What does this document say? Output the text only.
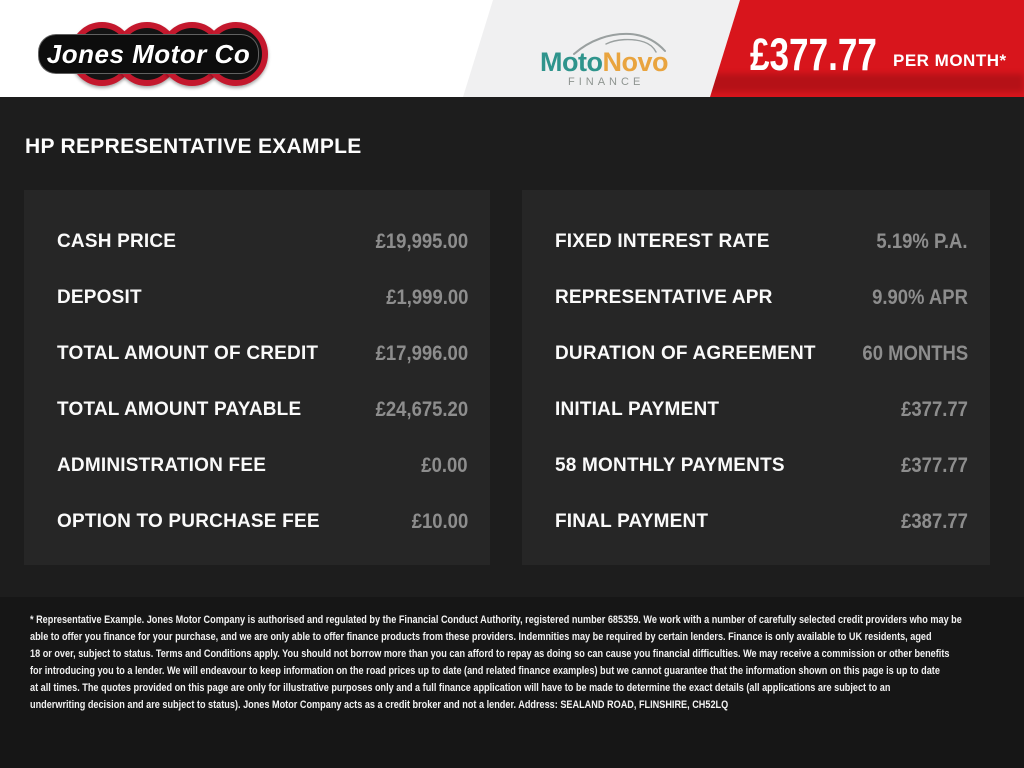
Jones Motor Co	MotoNovo
FINANCE
£377.77 PER MONTH*
HP REPRESENTATIVE EXAMPLE
CASH PRICE	£19,995.00
DEPOSIT	£1,999.00
TOTAL AMOUNT OF CREDIT	£17,996.00
TOTAL AMOUNT PAYABLE	£24,675.20
ADMINISTRATION FEE	£0.00
OPTION TO PURCHASE FEE	£10.00
FIXED INTEREST RATE	5.19% P.A.
REPRESENTATIVE APR	9.90% APR
DURATION OF AGREEMENT	60 MONTHS
INITIAL PAYMENT	£377.77
58 MONTHLY PAYMENTS	£377.77
FINAL PAYMENT	£387.77
* Representative Example. Jones Motor Company is authorised and regulated by the Financial Conduct Authority, registered number 685359. We work with a number of carefully selected credit providers who may be
able to offer you finance for your purchase, and we are only able to offer finance products from these providers. Indemnities may be required by certain lenders. Finance is only available to UK residents, aged
18 or over, subject to status. Terms and Conditions apply. You should not borrow more than you can afford to repay as doing so can cause you financial difficulties. We may receive a commission or other benefits
for introducing you to a lender. We will endeavour to keep information on the road prices up to date (and related finance examples) but we cannot guarantee that the information shown on this page is up to date
at all times. The quotes provided on this page are only for illustrative purposes only and a full finance application will have to be made to determine the exact details (all applications are subject to an
underwriting decision and are subject to status). Jones Motor Company acts as a credit broker and not a lender. Address: SEALAND ROAD, FLINSHIRE, CH52LQ
